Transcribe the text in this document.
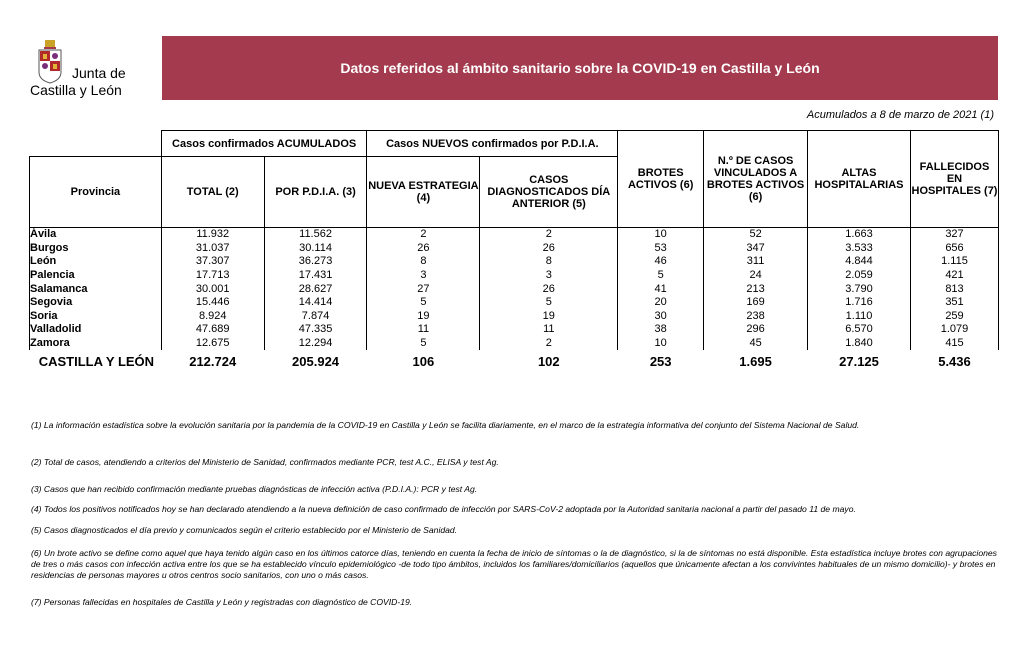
Junta de
Castilla y León
Datos referidos al ámbito sanitario sobre la COVID-19 en Castilla y León
Acumulados a 8 de marzo de 2021 (1)
	Casos confirmados ACUMULADOS		Casos NUEVOS confirmados por P.D.I.A.		BROTES ACTIVOS (6)	N.º DE CASOS VINCULADOS A BROTES ACTIVOS (6)	ALTAS HOSPITALARIAS	FALLECIDOS EN HOSPITALES (7)
Provincia	TOTAL (2)	POR P.D.I.A. (3)	NUEVA ESTRATEGIA (4)	CASOS DIAGNOSTICADOS DÍA ANTERIOR (5)				
Ávila	11.932	11.562	2	2	10	52	1.663	327
Burgos	31.037	30.114	26	26	53	347	3.533	656
León	37.307	36.273	8	8	46	311	4.844	1.115
Palencia	17.713	17.431	3	3	5	24	2.059	421
Salamanca	30.001	28.627	27	26	41	213	3.790	813
Segovia	15.446	14.414	5	5	20	169	1.716	351
Soria	8.924	7.874	19	19	30	238	1.110	259
Valladolid	47.689	47.335	11	11	38	296	6.570	1.079
Zamora	12.675	12.294	5	2	10	45	1.840	415
CASTILLA Y LEÓN	212.724	205.924	106	102	253	1.695	27.125	5.436
(1) La información estadística sobre la evolución sanitaria por la pandemia de la COVID-19 en Castilla y León se facilita diariamente, en el marco de la estrategia informativa del conjunto del Sistema Nacional de Salud.
(2) Total de casos, atendiendo a criterios del Ministerio de Sanidad, confirmados mediante PCR, test A.C., ELISA y test Ag.
(3) Casos que han recibido confirmación mediante pruebas diagnósticas de infección activa (P.D.I.A.): PCR y test Ag.
(4) Todos los positivos notificados hoy se han declarado atendiendo a la nueva definición de caso confirmado de infección por SARS-CoV-2 adoptada por la Autoridad sanitaria nacional a partir del pasado 11 de mayo.
(5) Casos diagnosticados el día previo y comunicados según el criterio establecido por el Ministerio de Sanidad.
(6) Un brote activo se define como aquel que haya tenido algún caso en los últimos catorce días, teniendo en cuenta la fecha de inicio de síntomas o la de diagnóstico, si la de síntomas no está disponible. Esta estadística incluye brotes con agrupaciones de tres o más casos con infección activa entre los que se ha establecido vínculo epidemiológico -de todo tipo ámbitos, incluidos los familiares/domiciliarios (aquellos que únicamente afectan a los convivintes habituales de un mismo domicilio)- y brotes en residencias de personas mayores u otros centros socio sanitarios, con uno o más casos.
(7) Personas fallecidas en hospitales de Castilla y León y registradas con diagnóstico de COVID-19.
